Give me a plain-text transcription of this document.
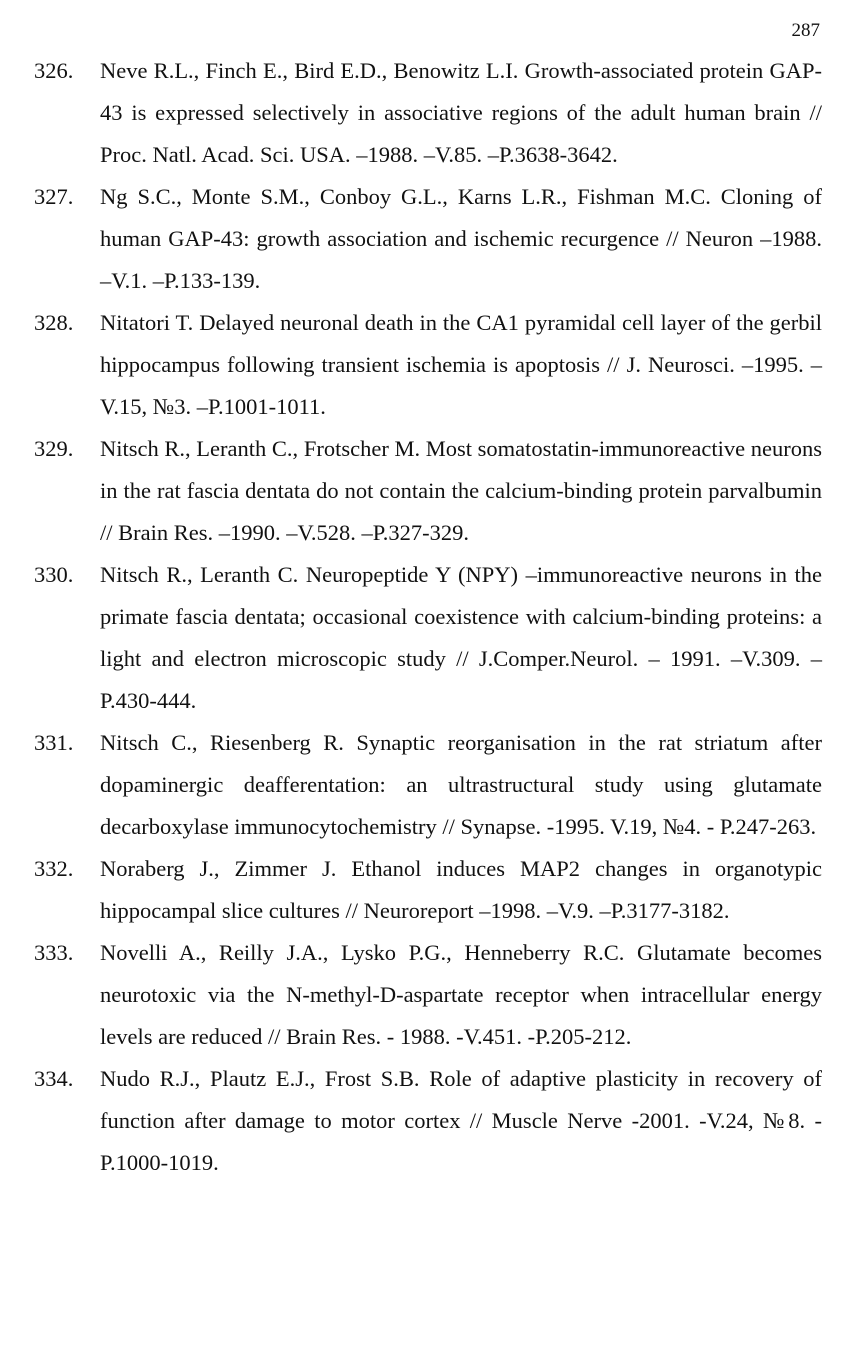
287
326.	Neve R.L., Finch E., Bird E.D., Benowitz L.I. Growth-associated protein GAP-43 is expressed selectively in associative regions of the adult human brain // Proc. Natl. Acad. Sci. USA. –1988. –V.85. –P.3638-3642.
327.	Ng S.C., Monte S.M., Conboy G.L., Karns L.R., Fishman M.C. Cloning of human GAP-43: growth association and ischemic recurgence // Neuron –1988. –V.1. –P.133-139.
328.	Nitatori T. Delayed neuronal death in the CA1 pyramidal cell layer of the gerbil hippocampus following transient ischemia is apoptosis // J. Neurosci. –1995. –V.15, №3. –P.1001-1011.
329.	Nitsch R., Leranth C., Frotscher M. Most somatostatin-immunoreactive neurons in the rat fascia dentata do not contain the calcium-binding protein parvalbumin // Brain Res. –1990. –V.528. –P.327-329.
330.	Nitsch R., Leranth C. Neuropeptide Y (NPY) –immunoreactive neurons in the primate fascia dentata; occasional coexistence with calcium-binding proteins: a light and electron microscopic study // J.Comper.Neurol. – 1991. –V.309. –P.430-444.
331.	Nitsch C., Riesenberg R. Synaptic reorganisation in the rat striatum after dopaminergic deafferentation: an ultrastructural study using glutamate decarboxylase immunocytochemistry // Synapse. -1995. V.19, №4. - P.247-263.
332.	Noraberg J., Zimmer J. Ethanol induces MAP2 changes in organotypic hippocampal slice cultures // Neuroreport –1998. –V.9. –P.3177-3182.
333.	Novelli A., Reilly J.A., Lysko P.G., Henneberry R.C. Glutamate becomes neurotoxic via the N-methyl-D-aspartate receptor when intracellular energy levels are reduced // Brain Res. - 1988. -V.451. -P.205-212.
334.	Nudo R.J., Plautz E.J., Frost S.B. Role of adaptive plasticity in recovery of function after damage to motor cortex // Muscle Nerve -2001. -V.24, №8. -P.1000-1019.
